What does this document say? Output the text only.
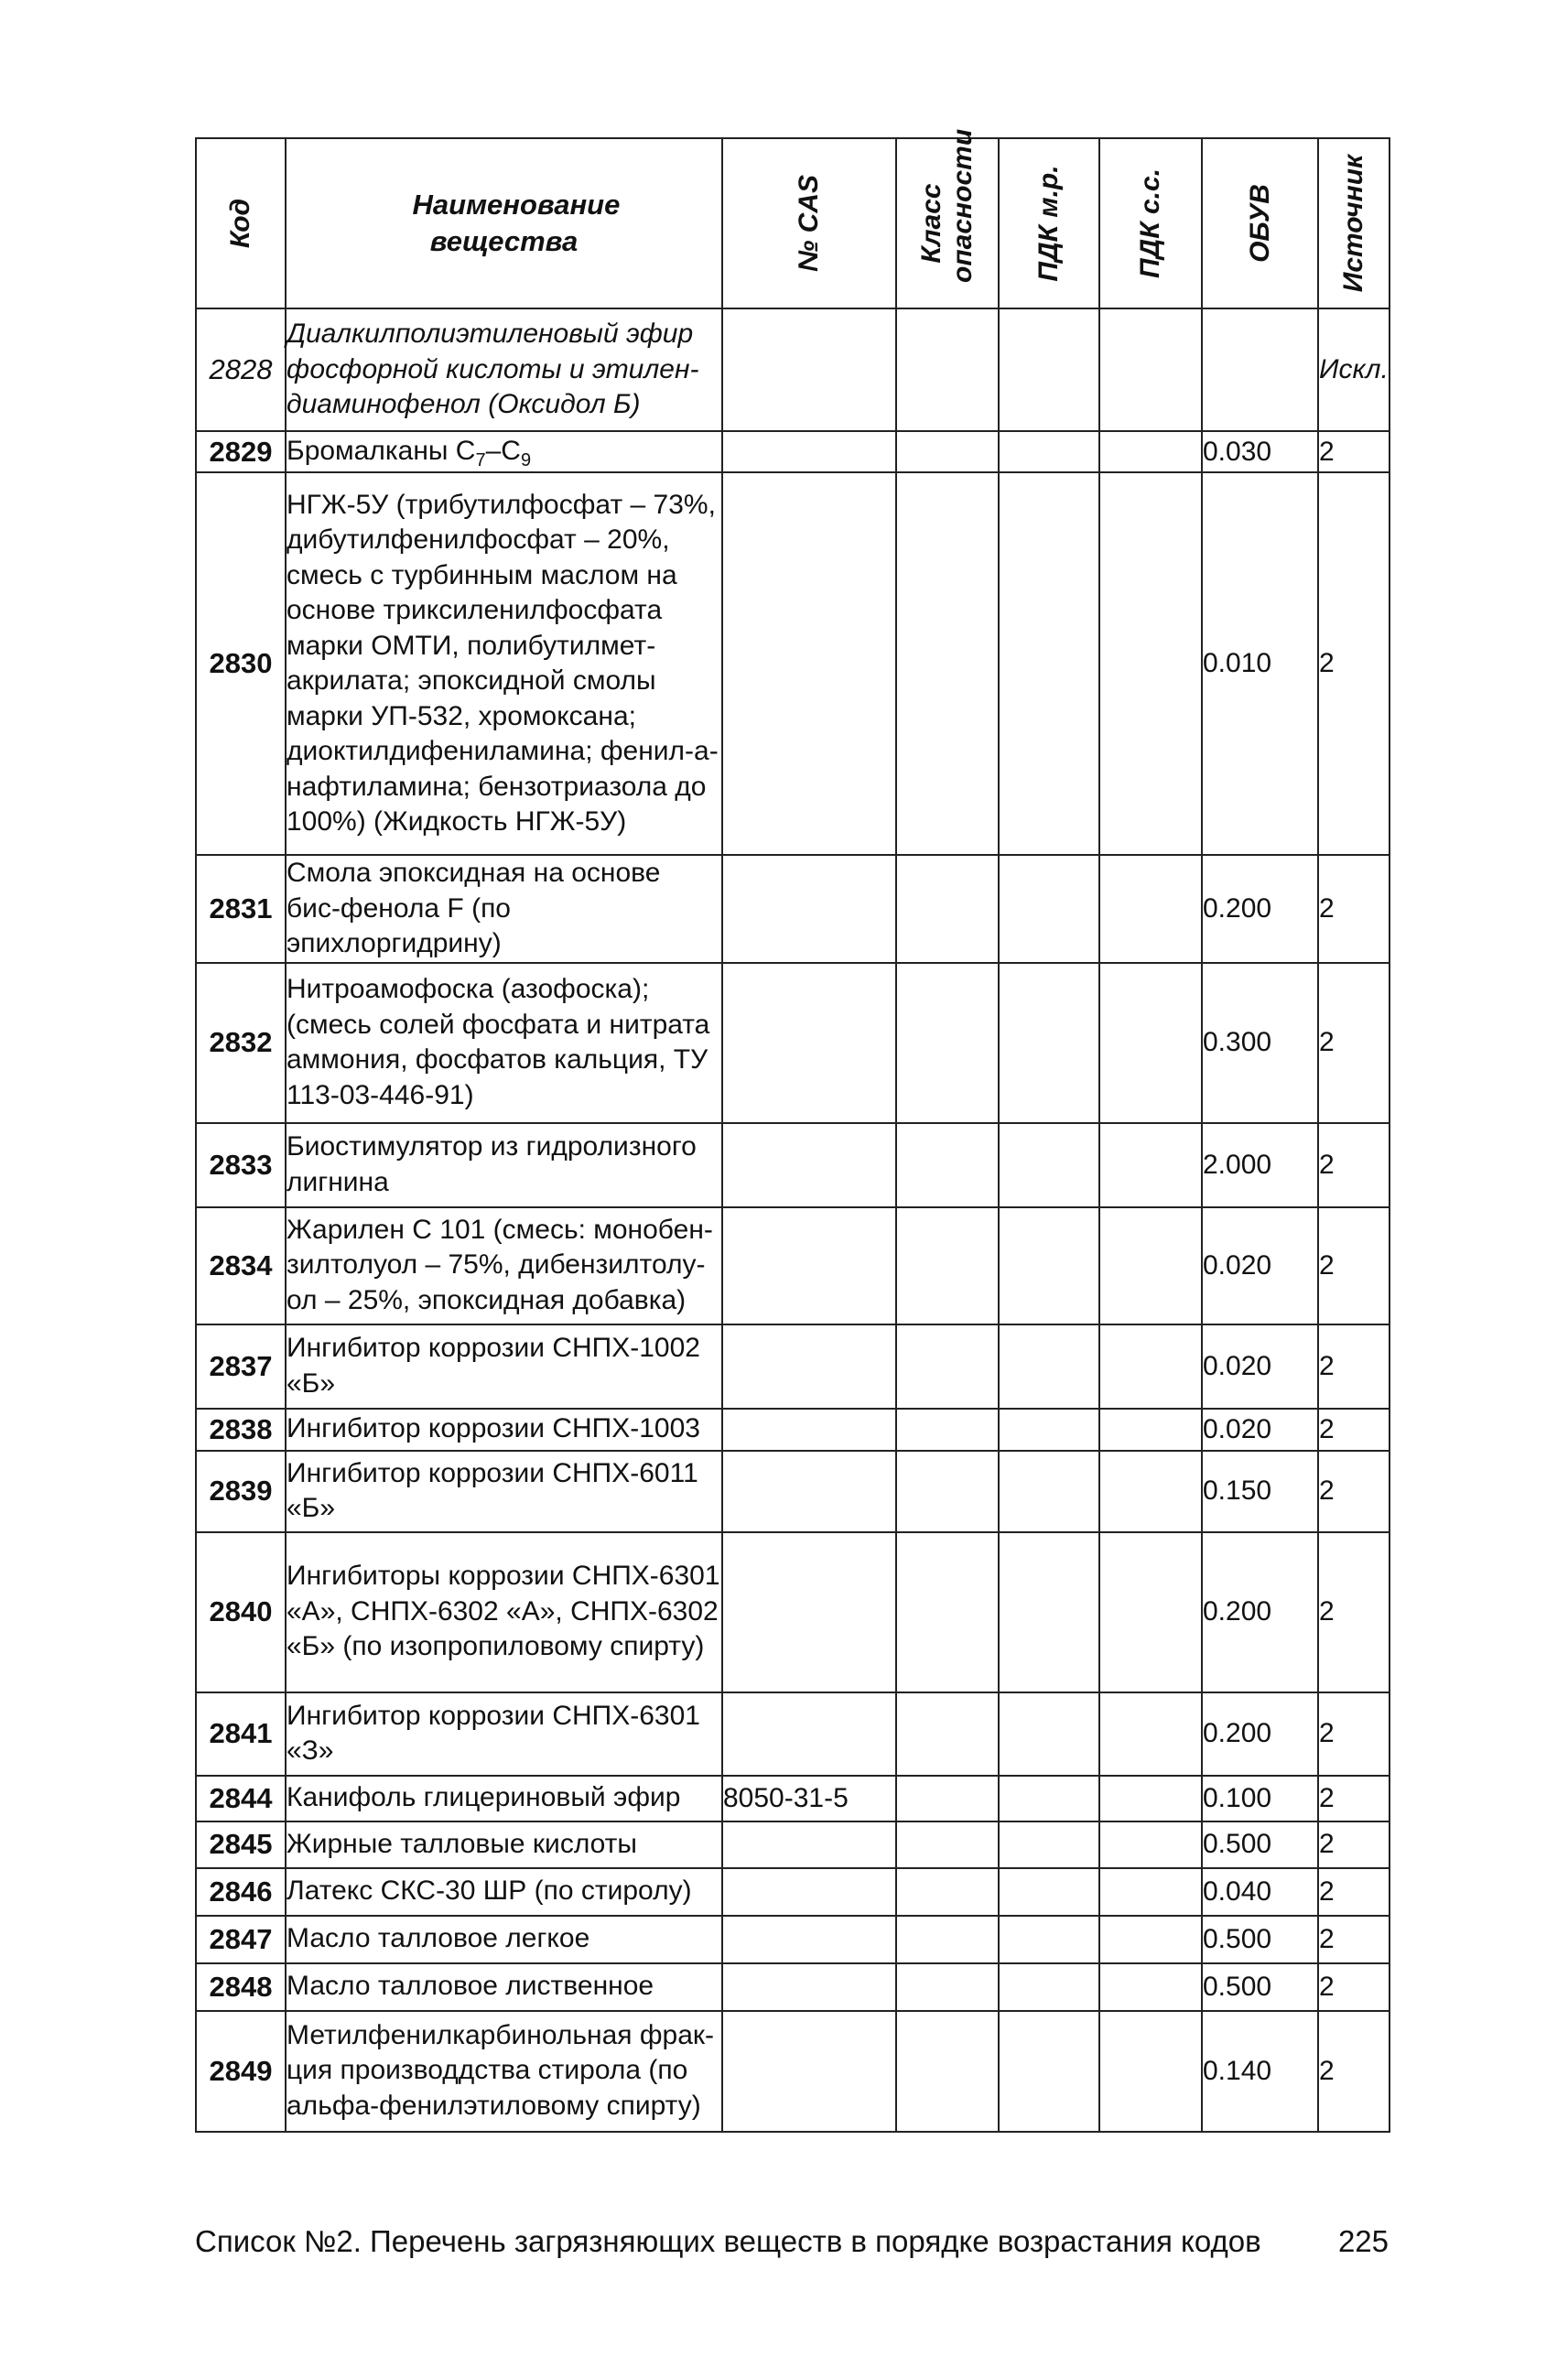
Код	Наименование вещества	№ CAS	Класс опасности	ПДК м.р.	ПДК с.с.	ОБУВ	Источник

2828	Диалкилполиэтиленовый эфир фосфорной кислоты и этилен-диаминофенол (Оксидол Б)						Искл.
2829	Бромалканы $C_7-C_9$					0.030	2
2830	НГЖ-5У (трибутилфосфат – 73%, дибутилфенилфосфат – 20%, смесь с турбинным маслом на основе триксиленилфосфата марки ОМТИ, полибутилмет-акрилата; эпоксидной смолы марки УП-532, хромоксана; диоктилдифениламина; фенил-а-нафтиламина; бензотриазола до 100%) (Жидкость НГЖ-5У)					0.010	2
2831	Смола эпоксидная на основе бис-фенола F (по эпихлоргидрину)					0.200	2
2832	Нитроамофоска (азофоска); (смесь солей фосфата и нитрата аммония, фосфатов кальция, ТУ 113-03-446-91)					0.300	2
2833	Биостимулятор из гидролизного лигнина					2.000	2
2834	Жарилен С 101 (смесь: монобен-зилтолуол – 75%, дибензилтолу-ол – 25%, эпоксидная добавка)					0.020	2
2837	Ингибитор коррозии СНПХ-1002 «Б»					0.020	2
2838	Ингибитор коррозии СНПХ-1003					0.020	2
2839	Ингибитор коррозии СНПХ-6011 «Б»					0.150	2
2840	Ингибиторы коррозии СНПХ-6301 «А», СНПХ-6302 «А», СНПХ-6302 «Б» (по изопропиловому спирту)					0.200	2
2841	Ингибитор коррозии СНПХ-6301 «З»					0.200	2
2844	Канифоль глицериновый эфир	8050-31-5				0.100	2
2845	Жирные талловые кислоты					0.500	2
2846	Латекс СКС-30 ШР (по стиролу)					0.040	2
2847	Масло талловое легкое					0.500	2
2848	Масло талловое лиственное					0.500	2
2849	Метилфенилкарбинольная фрак-ция производдства стирола (по альфа-фенилэтиловому спирту)					0.140	2
Список №2. Перечень загрязняющих веществ в порядке возрастания кодов	225
